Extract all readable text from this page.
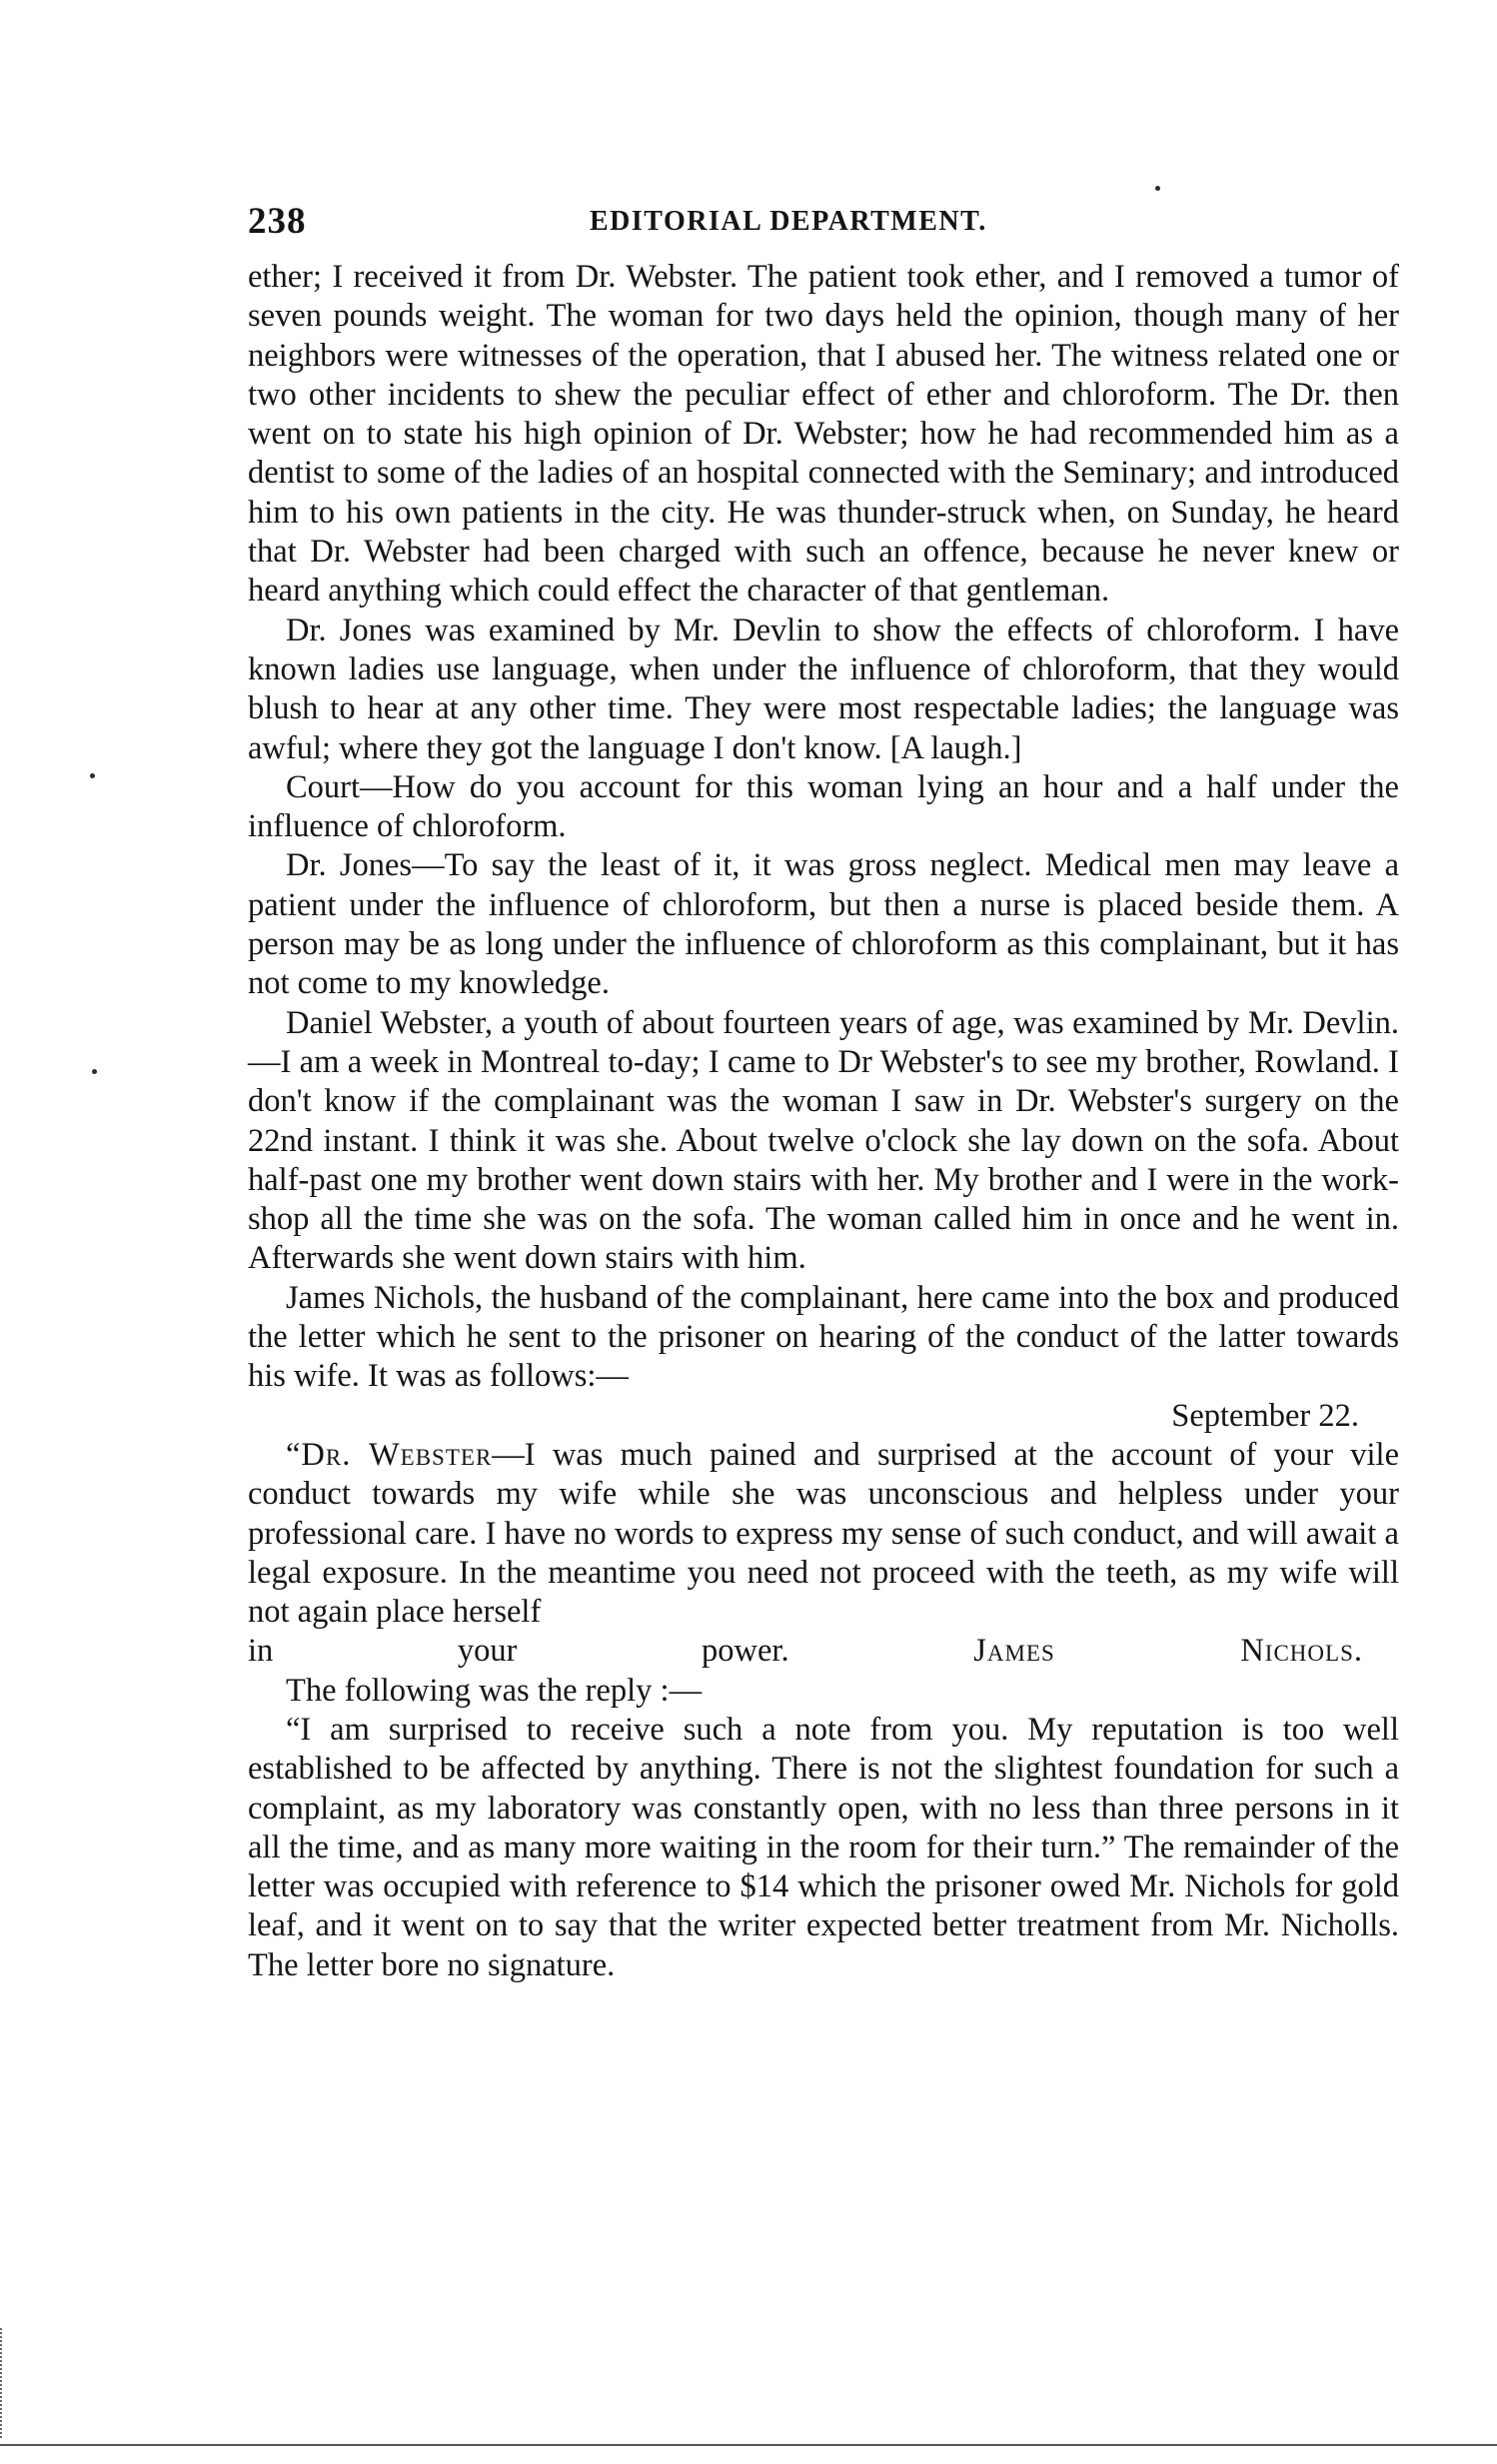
238	EDITORIAL DEPARTMENT.

ether; I received it from Dr. Webster. The patient took ether, and I removed a tumor of seven pounds weight. The woman for two days held the opinion, though many of her neighbors were witnesses of the operation, that I abused her. The witness related one or two other incidents to shew the peculiar effect of ether and chloroform. The Dr. then went on to state his high opinion of Dr. Webster; how he had recommended him as a dentist to some of the ladies of an hospital connected with the Seminary; and introduced him to his own patients in the city. He was thunder-struck when, on Sunday, he heard that Dr. Webster had been charged with such an offence, because he never knew or heard anything which could effect the character of that gentleman.

Dr. Jones was examined by Mr. Devlin to show the effects of chloroform. I have known ladies use language, when under the influence of chloroform, that they would blush to hear at any other time. They were most respectable ladies; the language was awful; where they got the language I don't know. [A laugh.]

Court—How do you account for this woman lying an hour and a half under the influence of chloroform.

Dr. Jones—To say the least of it, it was gross neglect. Medical men may leave a patient under the influence of chloroform, but then a nurse is placed beside them. A person may be as long under the influence of chloroform as this complainant, but it has not come to my knowledge.

Daniel Webster, a youth of about fourteen years of age, was examined by Mr. Devlin.—I am a week in Montreal to-day; I came to Dr Webster's to see my brother, Rowland. I don't know if the complainant was the woman I saw in Dr. Webster's surgery on the 22nd instant. I think it was she. About twelve o'clock she lay down on the sofa. About half-past one my brother went down stairs with her. My brother and I were in the work-shop all the time she was on the sofa. The woman called him in once and he went in. Afterwards she went down stairs with him.

James Nichols, the husband of the complainant, here came into the box and produced the letter which he sent to the prisoner on hearing of the conduct of the latter towards his wife. It was as follows:—

September 22.

“Dr. Webster—I was much pained and surprised at the account of your vile conduct towards my wife while she was unconscious and helpless under your professional care. I have no words to express my sense of such conduct, and will await a legal exposure. In the meantime you need not proceed with the teeth, as my wife will not again place herself

in your power.	James Nichols.

The following was the reply :—

“I am surprised to receive such a note from you. My reputation is too well established to be affected by anything. There is not the slightest foundation for such a complaint, as my laboratory was constantly open, with no less than three persons in it all the time, and as many more waiting in the room for their turn.” The remainder of the letter was occupied with reference to $14 which the prisoner owed Mr. Nichols for gold leaf, and it went on to say that the writer expected better treatment from Mr. Nicholls. The letter bore no signature.
